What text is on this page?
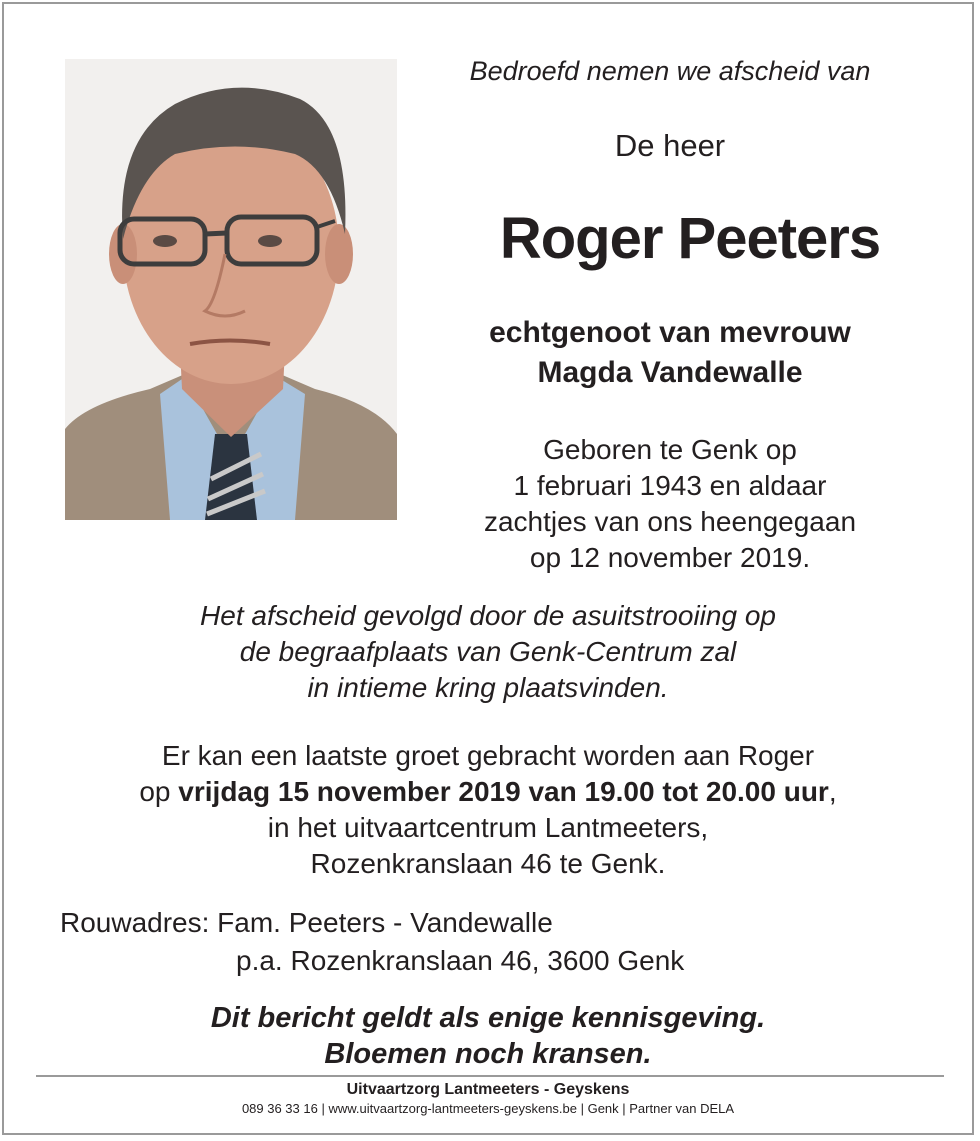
Bedroefd nemen we afscheid van
De heer
Roger Peeters
echtgenoot van mevrouw
Magda Vandewalle
Geboren te Genk op
1 februari 1943 en aldaar
zachtjes van ons heengegaan
op 12 november 2019.
Het afscheid gevolgd door de asuitstrooiing op
de begraafplaats van Genk-Centrum zal
in intieme kring plaatsvinden.
Er kan een laatste groet gebracht worden aan Roger
op vrijdag 15 november 2019 van 19.00 tot 20.00 uur,
in het uitvaartcentrum Lantmeeters,
Rozenkranslaan 46 te Genk.
Rouwadres: Fam. Peeters - Vandewalle
p.a. Rozenkranslaan 46, 3600 Genk
Dit bericht geldt als enige kennisgeving.
Bloemen noch kransen.
Uitvaartzorg Lantmeeters - Geyskens
089 36 33 16 | www.uitvaartzorg-lantmeeters-geyskens.be | Genk | Partner van DELA
